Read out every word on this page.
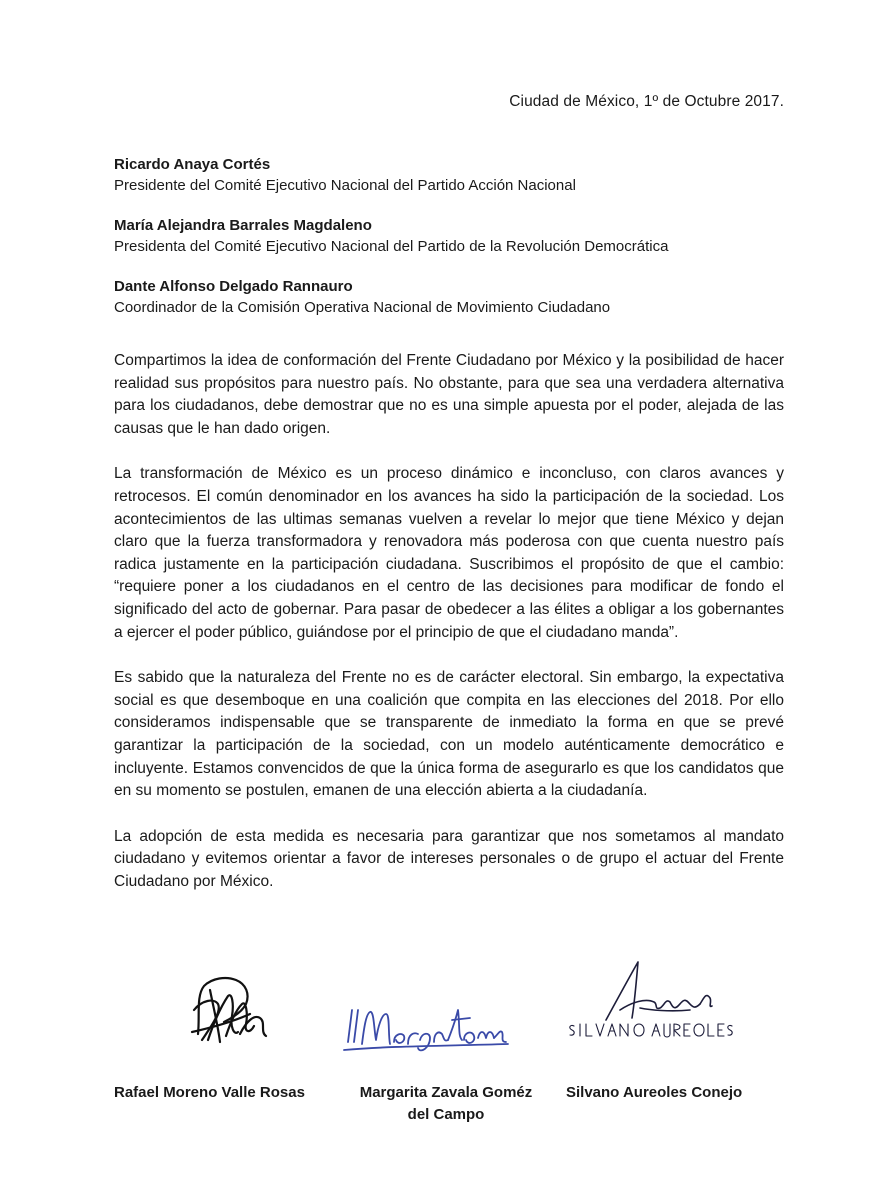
Ciudad de México, 1º de Octubre 2017.
Ricardo Anaya Cortés
Presidente del Comité Ejecutivo Nacional del Partido Acción Nacional
María Alejandra Barrales Magdaleno
Presidenta del Comité Ejecutivo Nacional del Partido de la Revolución Democrática
Dante Alfonso Delgado Rannauro
Coordinador de la Comisión Operativa Nacional de Movimiento Ciudadano

Compartimos la idea de conformación del Frente Ciudadano por México y la posibilidad de hacer realidad sus propósitos para nuestro país. No obstante, para que sea una verdadera alternativa para los ciudadanos, debe demostrar que no es una simple apuesta por el poder, alejada de las causas que le han dado origen.

La transformación de México es un proceso dinámico e inconcluso, con claros avances y retrocesos. El común denominador en los avances ha sido la participación de la sociedad. Los acontecimientos de las ultimas semanas vuelven a revelar lo mejor que tiene México y dejan claro que la fuerza transformadora y renovadora más poderosa con que cuenta nuestro país radica justamente en la participación ciudadana. Suscribimos el propósito de que el cambio: “requiere poner a los ciudadanos en el centro de las decisiones para modificar de fondo el significado del acto de gobernar. Para pasar de obedecer a las élites a obligar a los gobernantes a ejercer el poder público, guiándose por el principio de que el ciudadano manda”.

Es sabido que la naturaleza del Frente no es de carácter electoral. Sin embargo, la expectativa social es que desemboque en una coalición que compita en las elecciones del 2018. Por ello consideramos indispensable que se transparente de inmediato la forma en que se prevé garantizar la participación de la sociedad, con un modelo auténticamente democrático e incluyente. Estamos convencidos de que la única forma de asegurarlo es que los candidatos que en su momento se postulen, emanen de una elección abierta a la ciudadanía.

La adopción de esta medida es necesaria para garantizar que nos sometamos al mandato ciudadano y evitemos orientar a favor de intereses personales o de grupo el actuar del Frente Ciudadano por México.

Rafael Moreno Valle Rosas	Margarita Zavala Goméz del Campo
Silvano Aureoles Conejo
